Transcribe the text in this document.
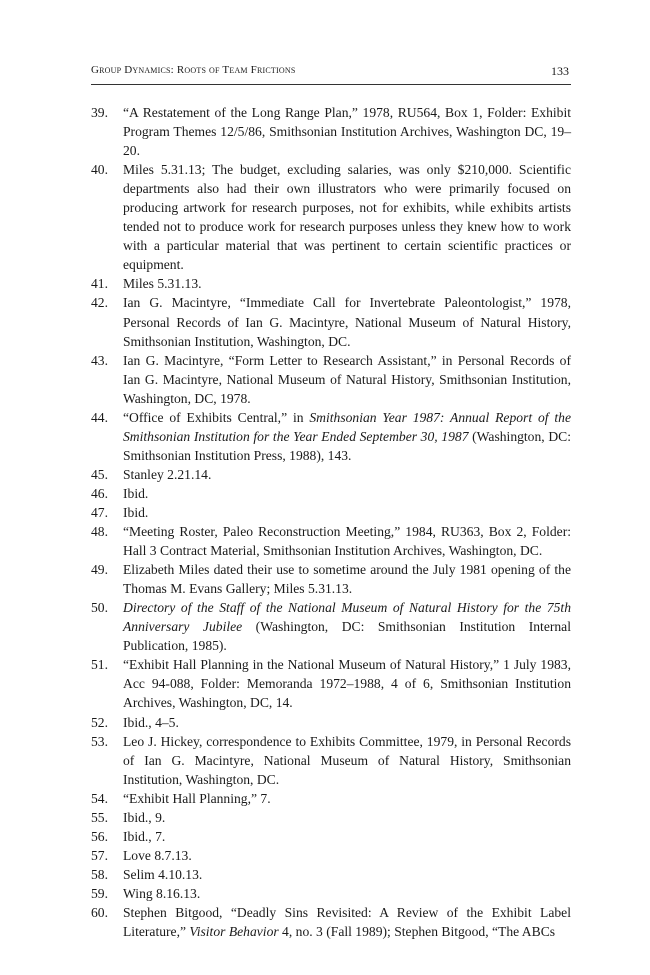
Group Dynamics: Roots of Team Frictions	133
39. “A Restatement of the Long Range Plan,” 1978, RU564, Box 1, Folder: Exhibit Program Themes 12/5/86, Smithsonian Institution Archives, Washington DC, 19–20.
40. Miles 5.31.13; The budget, excluding salaries, was only $210,000. Scientific departments also had their own illustrators who were primarily focused on producing artwork for research purposes, not for exhibits, while exhibits artists tended not to produce work for research purposes unless they knew how to work with a particular material that was pertinent to certain scientific practices or equipment.
41. Miles 5.31.13.
42. Ian G. Macintyre, “Immediate Call for Invertebrate Paleontologist,” 1978, Personal Records of Ian G. Macintyre, National Museum of Natural History, Smithsonian Institution, Washington, DC.
43. Ian G. Macintyre, “Form Letter to Research Assistant,” in Personal Records of Ian G. Macintyre, National Museum of Natural History, Smithsonian Institution, Washington, DC, 1978.
44. “Office of Exhibits Central,” in Smithsonian Year 1987: Annual Report of the Smithsonian Institution for the Year Ended September 30, 1987 (Washington, DC: Smithsonian Institution Press, 1988), 143.
45. Stanley 2.21.14.
46. Ibid.
47. Ibid.
48. “Meeting Roster, Paleo Reconstruction Meeting,” 1984, RU363, Box 2, Folder: Hall 3 Contract Material, Smithsonian Institution Archives, Washington, DC.
49. Elizabeth Miles dated their use to sometime around the July 1981 opening of the Thomas M. Evans Gallery; Miles 5.31.13.
50. Directory of the Staff of the National Museum of Natural History for the 75th Anniversary Jubilee (Washington, DC: Smithsonian Institution Internal Publication, 1985).
51. “Exhibit Hall Planning in the National Museum of Natural History,” 1 July 1983, Acc 94-088, Folder: Memoranda 1972–1988, 4 of 6, Smithsonian Institution Archives, Washington, DC, 14.
52. Ibid., 4–5.
53. Leo J. Hickey, correspondence to Exhibits Committee, 1979, in Personal Records of Ian G. Macintyre, National Museum of Natural History, Smithsonian Institution, Washington, DC.
54. “Exhibit Hall Planning,” 7.
55. Ibid., 9.
56. Ibid., 7.
57. Love 8.7.13.
58. Selim 4.10.13.
59. Wing 8.16.13.
60. Stephen Bitgood, “Deadly Sins Revisited: A Review of the Exhibit Label Literature,” Visitor Behavior 4, no. 3 (Fall 1989); Stephen Bitgood, “The ABCs
